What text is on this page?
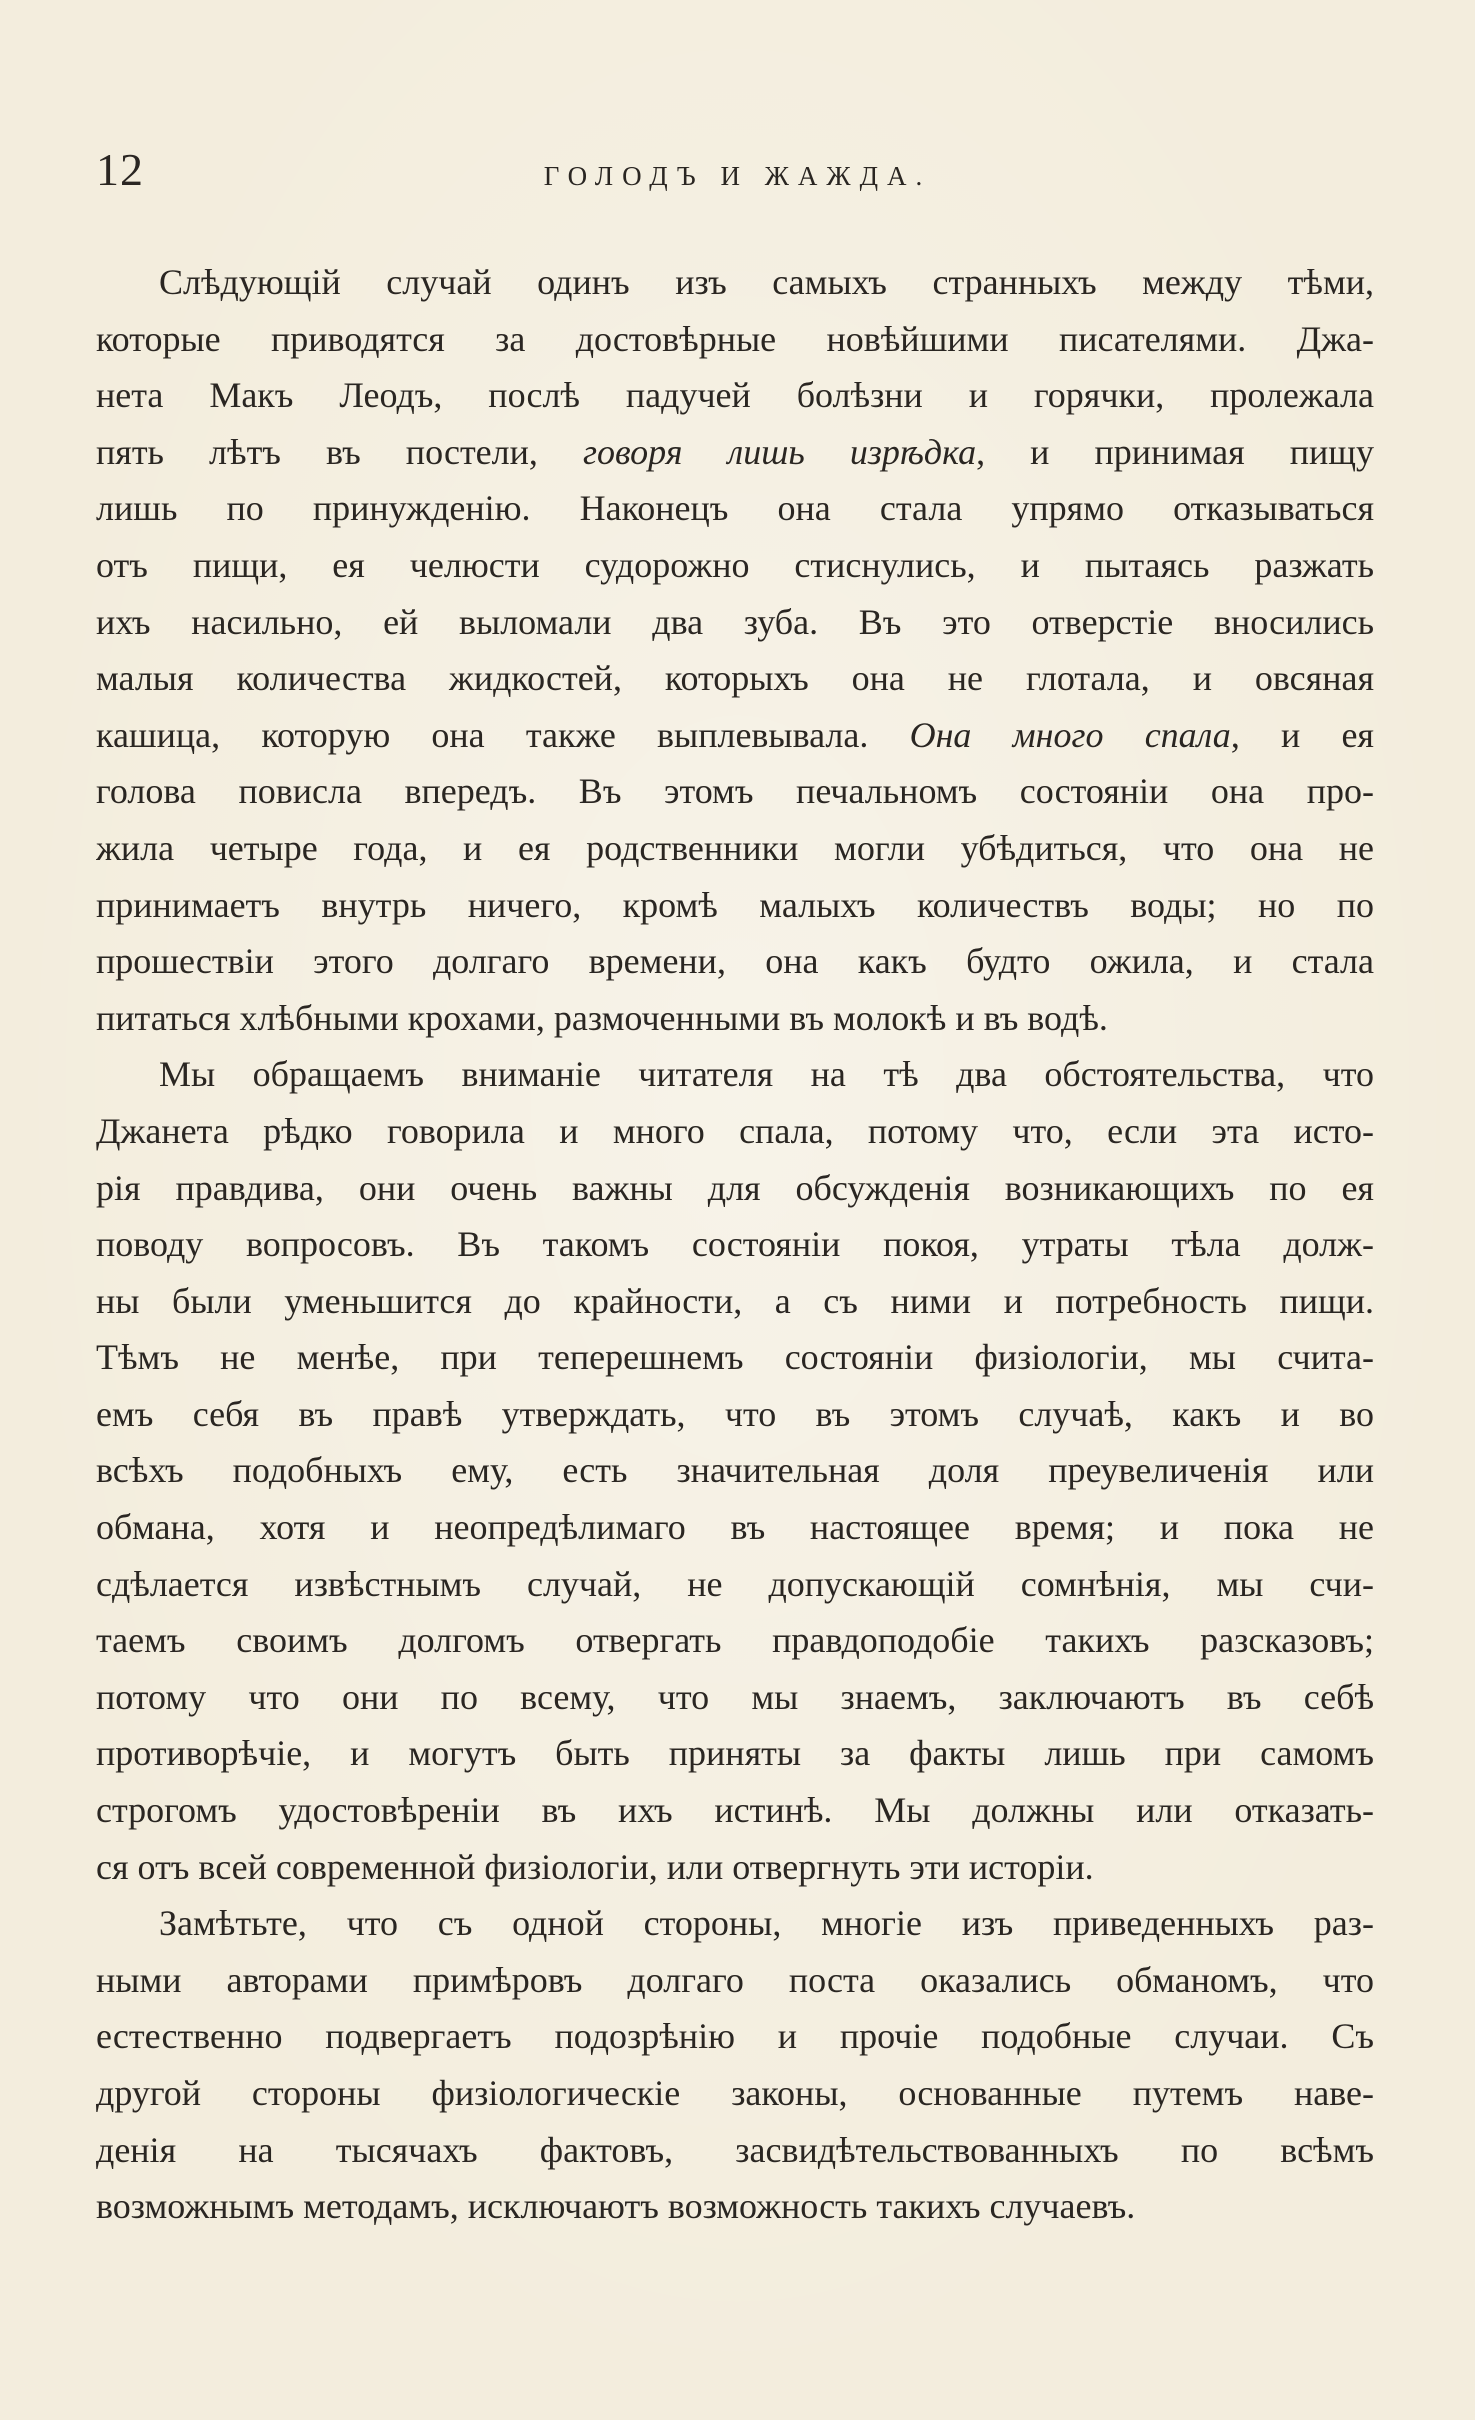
12	ГОЛОДЪ И ЖАЖДА.
Слѣдующій случай одинъ изъ самыхъ странныхъ между тѣми,
которые приводятся за достовѣрные новѣйшими писателями. Джа-
нета Макъ Леодъ, послѣ падучей болѣзни и горячки, пролежала
пять лѣтъ въ постели, говоря лишь изрѣдка, и принимая пищу
лишь по принужденію. Наконецъ она стала упрямо отказываться
отъ пищи, ея челюсти судорожно стиснулись, и пытаясь разжать
ихъ насильно, ей выломали два зуба. Въ это отверстіе вносились
малыя количества жидкостей, которыхъ она не глотала, и овсяная
кашица, которую она также выплевывала. Она много спала, и ея
голова повисла впередъ. Въ этомъ печальномъ состояніи она про-
жила четыре года, и ея родственники могли убѣдиться, что она не
принимаетъ внутрь ничего, кромѣ малыхъ количествъ воды; но по
прошествіи этого долгаго времени, она какъ будто ожила, и стала
питаться хлѣбными крохами, размоченными въ молокѣ и въ водѣ.
Мы обращаемъ вниманіе читателя на тѣ два обстоятельства, что
Джанета рѣдко говорила и много спала, потому что, если эта исто-
рія правдива, они очень важны для обсужденія возникающихъ по ея
поводу вопросовъ. Въ такомъ состояніи покоя, утраты тѣла долж-
ны были уменьшится до крайности, а съ ними и потребность пищи.
Тѣмъ не менѣе, при теперешнемъ состояніи физіологіи, мы счита-
емъ себя въ правѣ утверждать, что въ этомъ случаѣ, какъ и во
всѣхъ подобныхъ ему, есть значительная доля преувеличенія или
обмана, хотя и неопредѣлимаго въ настоящее время; и пока не
сдѣлается извѣстнымъ случай, не допускающій сомнѣнія, мы счи-
таемъ своимъ долгомъ отвергать правдоподобіе такихъ разсказовъ;
потому что они по всему, что мы знаемъ, заключаютъ въ себѣ
противорѣчіе, и могутъ быть приняты за факты лишь при самомъ
строгомъ удостовѣреніи въ ихъ истинѣ. Мы должны или отказать-
ся отъ всей современной физіологіи, или отвергнуть эти исторіи.
Замѣтьте, что съ одной стороны, многіе изъ приведенныхъ раз-
ными авторами примѣровъ долгаго поста оказались обманомъ, что
естественно подвергаетъ подозрѣнію и прочіе подобные случаи. Съ
другой стороны физіологическіе законы, основанные путемъ наве-
денія на тысячахъ фактовъ, засвидѣтельствованныхъ по всѣмъ
возможнымъ методамъ, исключаютъ возможность такихъ случаевъ.
